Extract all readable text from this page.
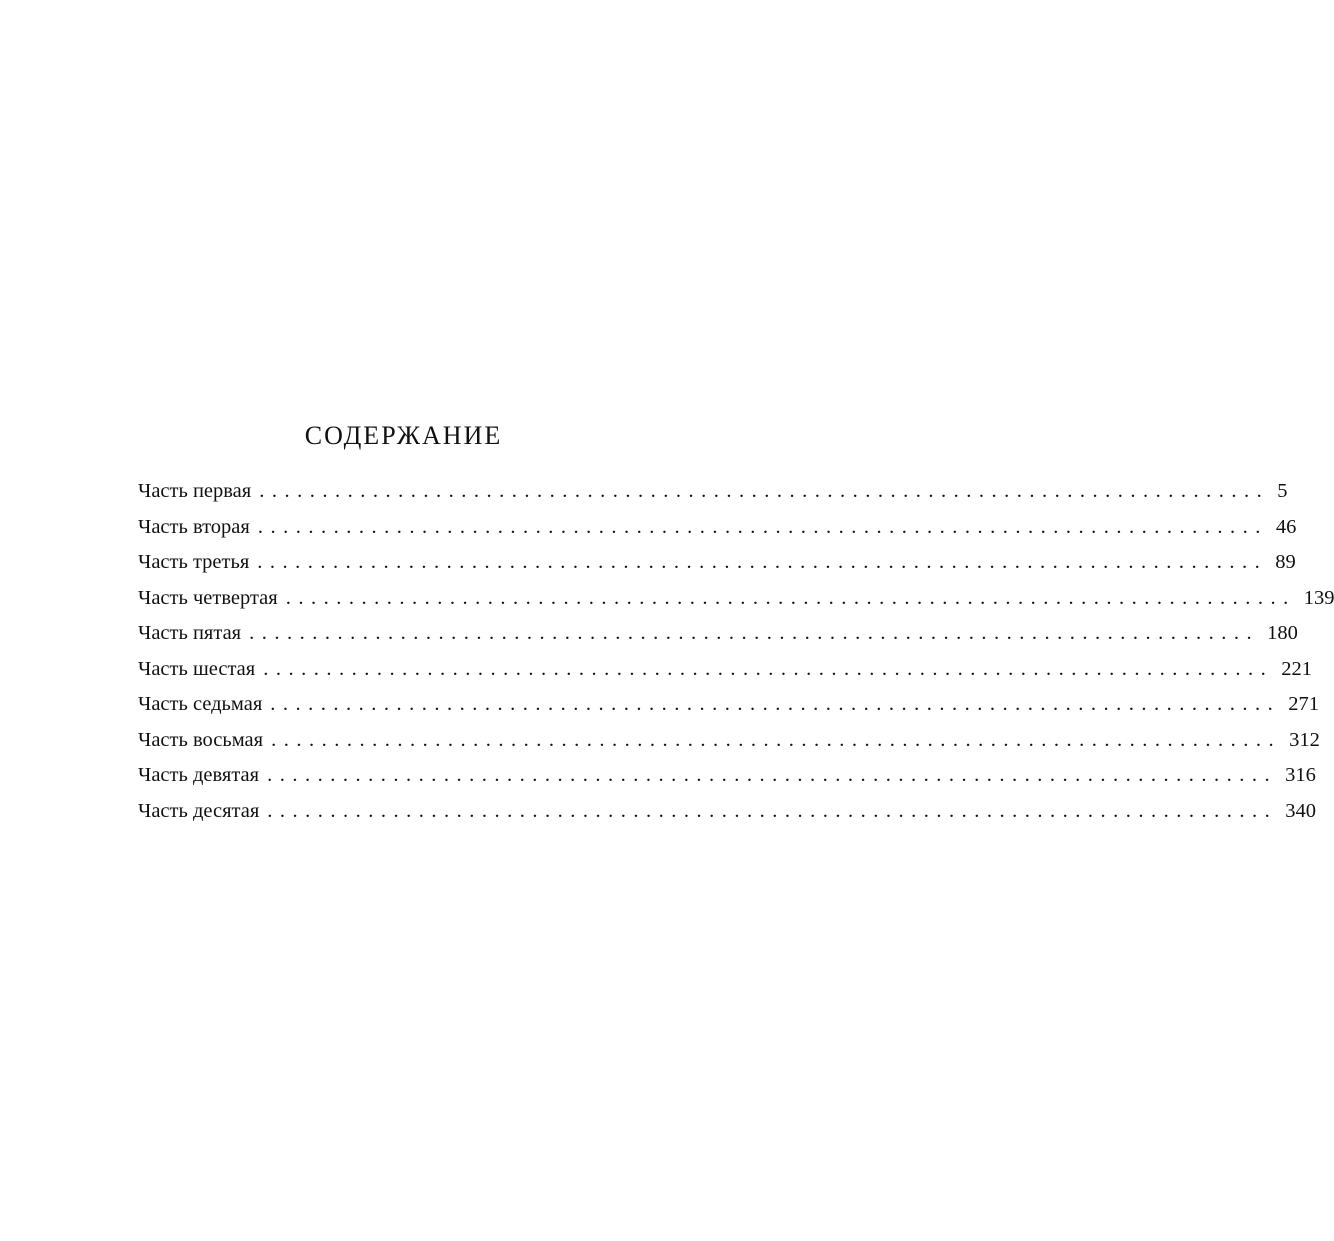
СОДЕРЖАНИЕ
Часть первая ................................................................................ 5
Часть вторая ................................................................................ 46
Часть третья ................................................................................ 89
Часть четвертая ................................................................................ 139
Часть пятая ................................................................................ 180
Часть шестая ................................................................................ 221
Часть седьмая ................................................................................ 271
Часть восьмая ................................................................................ 312
Часть девятая ................................................................................ 316
Часть десятая ................................................................................ 340
